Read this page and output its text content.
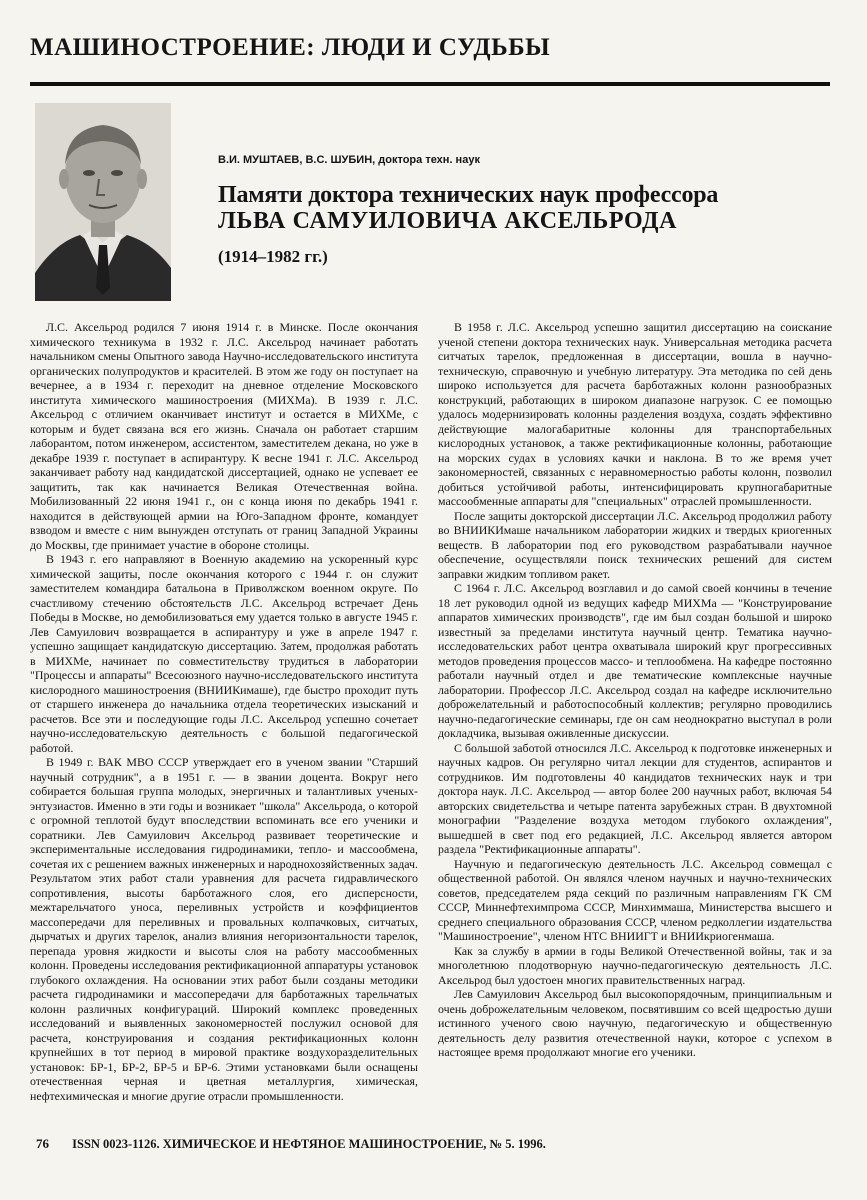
МАШИНОСТРОЕНИЕ: ЛЮДИ И СУДЬБЫ
В.И. МУШТАЕВ, В.С. ШУБИН, доктора техн. наук
Памяти доктора технических наук профессора
ЛЬВА САМУИЛОВИЧА АКСЕЛЬРОДА
(1914–1982 гг.)

Л.С. Аксельрод родился 7 июня 1914 г. в Минске. После окончания химического техникума в 1932 г. Л.С. Аксельрод начинает работать начальником смены Опытного завода Научно-исследовательского института органических полупродуктов и красителей. В этом же году он поступает на вечернее, а в 1934 г. переходит на дневное отделение Московского института химического машиностроения (МИХМа). В 1939 г. Л.С. Аксельрод с отличием оканчивает институт и остается в МИХМе, с которым и будет связана вся его жизнь. Сначала он работает старшим лаборантом, потом инженером, ассистентом, заместителем декана, но уже в декабре 1939 г. поступает в аспирантуру. К весне 1941 г. Л.С. Аксельрод заканчивает работу над кандидатской диссертацией, однако не успевает ее защитить, так как начинается Великая Отечественная война. Мобилизованный 22 июня 1941 г., он с конца июня по декабрь 1941 г. находится в действующей армии на Юго-Западном фронте, командует взводом и вместе с ним вынужден отступать от границ Западной Украины до Москвы, где принимает участие в обороне столицы.

В 1943 г. его направляют в Военную академию на ускоренный курс химической защиты, после окончания которого с 1944 г. он служит заместителем командира батальона в Приволжском военном округе. По счастливому стечению обстоятельств Л.С. Аксельрод встречает День Победы в Москве, но демобилизоваться ему удается только в августе 1945 г. Лев Самуилович возвращается в аспирантуру и уже в апреле 1947 г. успешно защищает кандидатскую диссертацию. Затем, продолжая работать в МИХМе, начинает по совместительству трудиться в лаборатории "Процессы и аппараты" Всесоюзного научно-исследовательского института кислородного машиностроения (ВНИИКимаше), где быстро проходит путь от старшего инженера до начальника отдела теоретических изысканий и расчетов. Все эти и последующие годы Л.С. Аксельрод успешно сочетает научно-исследовательскую деятельность с большой педагогической работой.

В 1949 г. ВАК МВО СССР утверждает его в ученом звании "Старший научный сотрудник", а в 1951 г. — в звании доцента. Вокруг него собирается большая группа молодых, энергичных и талантливых ученых-энтузиастов. Именно в эти годы и возникает "школа" Аксельрода, о которой с огромной теплотой будут впоследствии вспоминать все его ученики и соратники. Лев Самуилович Аксельрод развивает теоретические и экспериментальные исследования гидродинамики, тепло- и массообмена, сочетая их с решением важных инженерных и народнохозяйственных задач. Результатом этих работ стали уравнения для расчета гидравлического сопротивления, высоты барботажного слоя, его дисперсности, межтарельчатого уноса, переливных устройств и коэффициентов массопередачи для переливных и провальных колпачковых, ситчатых, дырчатых и других тарелок, анализ влияния негоризонтальности тарелок, перепада уровня жидкости и высоты слоя на работу массообменных колонн. Проведены исследования ректификационной аппаратуры установок глубокого охлаждения. На основании этих работ были созданы методики расчета гидродинамики и массопередачи для барботажных тарельчатых колонн различных конфигураций. Широкий комплекс проведенных исследований и выявленных закономерностей послужил основой для расчета, конструирования и создания ректификационных колонн крупнейших в тот период в мировой практике воздухоразделительных установок: БР-1, БР-2, БР-5 и БР-6. Этими установками были оснащены отечественная черная и цветная металлургия, химическая, нефтехимическая и многие другие отрасли промышленности.

В 1958 г. Л.С. Аксельрод успешно защитил диссертацию на соискание ученой степени доктора технических наук. Универсальная методика расчета ситчатых тарелок, предложенная в диссертации, вошла в научно-техническую, справочную и учебную литературу. Эта методика по сей день широко используется для расчета барботажных колонн разнообразных конструкций, работающих в широком диапазоне нагрузок. С ее помощью удалось модернизировать колонны разделения воздуха, создать эффективно действующие малогабаритные колонны для транспортабельных кислородных установок, а также ректификационные колонны, работающие на морских судах в условиях качки и наклона. В то же время учет закономерностей, связанных с неравномерностью работы колонн, позволил добиться устойчивой работы, интенсифицировать крупногабаритные массообменные аппараты для "специальных" отраслей промышленности.

После защиты докторской диссертации Л.С. Аксельрод продолжил работу во ВНИИКИмаше начальником лаборатории жидких и твердых криогенных веществ. В лаборатории под его руководством разрабатывали научное обеспечение, осуществляли поиск технических решений для систем заправки жидким топливом ракет.

С 1964 г. Л.С. Аксельрод возглавил и до самой своей кончины в течение 18 лет руководил одной из ведущих кафедр МИХМа — "Конструирование аппаратов химических производств", где им был создан большой и широко известный за пределами института научный центр. Тематика научно-исследовательских работ центра охватывала широкий круг прогрессивных методов проведения процессов массо- и теплообмена. На кафедре постоянно работали научный отдел и две тематические комплексные научные лаборатории. Профессор Л.С. Аксельрод создал на кафедре исключительно доброжелательный и работоспособный коллектив; регулярно проводились научно-педагогические семинары, где он сам неоднократно выступал в роли докладчика, вызывая оживленные дискуссии.

С большой заботой относился Л.С. Аксельрод к подготовке инженерных и научных кадров. Он регулярно читал лекции для студентов, аспирантов и сотрудников. Им подготовлены 40 кандидатов технических наук и три доктора наук. Л.С. Аксельрод — автор более 200 научных работ, включая 54 авторских свидетельства и четыре патента зарубежных стран. В двухтомной монографии "Разделение воздуха методом глубокого охлаждения", вышедшей в свет под его редакцией, Л.С. Аксельрод является автором раздела "Ректификационные аппараты".

Научную и педагогическую деятельность Л.С. Аксельрод совмещал с общественной работой. Он являлся членом научных и научно-технических советов, председателем ряда секций по различным направлениям ГК СМ СССР, Миннефтехимпрома СССР, Минхиммаша, Министерства высшего и среднего специального образования СССР, членом редколлегии издательства "Машиностроение", членом НТС ВНИИГТ и ВНИИкриогенмаша.

Как за службу в армии в годы Великой Отечественной войны, так и за многолетнюю плодотворную научно-педагогическую деятельность Л.С. Аксельрод был удостоен многих правительственных наград.

Лев Самуилович Аксельрод был высокопорядочным, принципиальным и очень доброжелательным человеком, посвятившим со всей щедростью души истинного ученого свою научную, педагогическую и общественную деятельность делу развития отечественной науки, которое с успехом в настоящее время продолжают многие его ученики.

76 ISSN 0023-1126. ХИМИЧЕСКОЕ И НЕФТЯНОЕ МАШИНОСТРОЕНИЕ, № 5. 1996.
